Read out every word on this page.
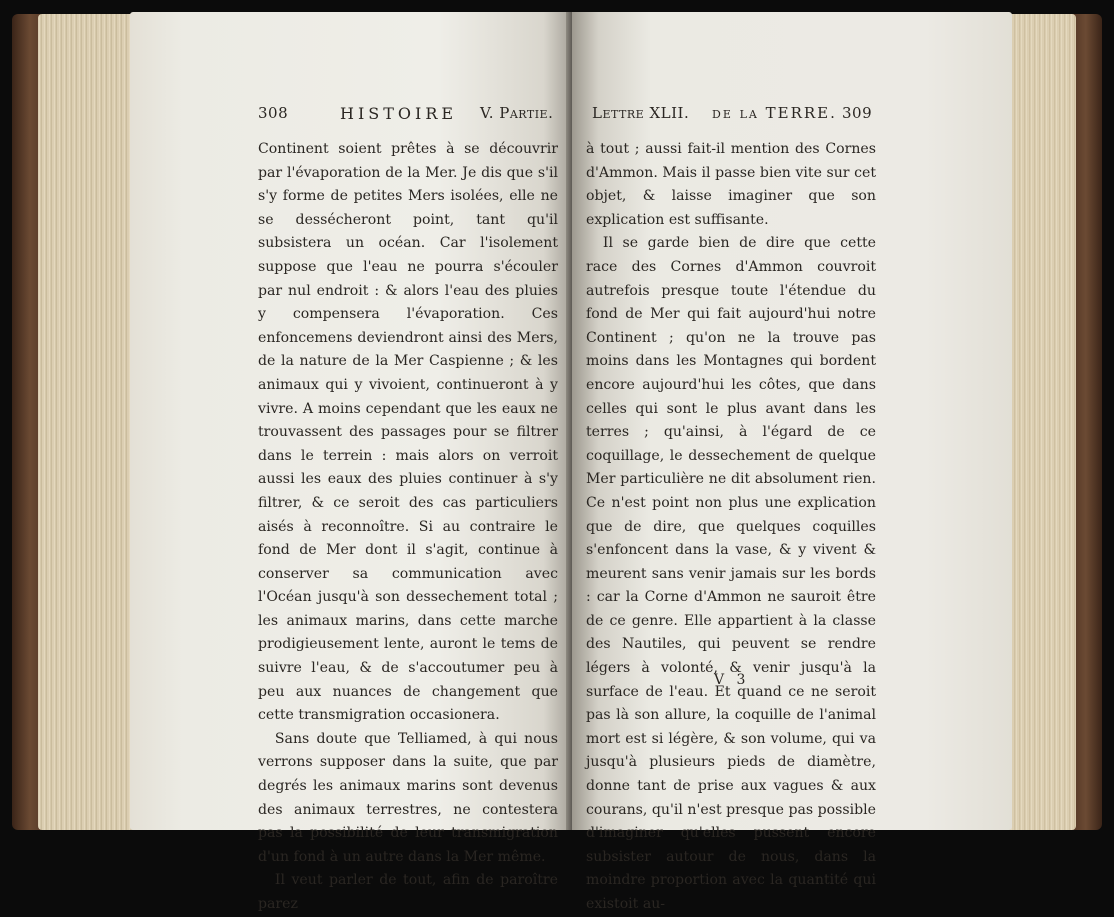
308	HISTOIRE V. Partie.

Continent soient prêtes à se découvrir par l'évaporation de la Mer. Je dis que s'il s'y forme de petites Mers isolées, elle ne se dessécheront point, tant qu'il subsistera un océan. Car l'isolement suppose que l'eau ne pourra s'écouler par nul endroit : & alors l'eau des pluies y compensera l'évaporation. Ces enfoncemens deviendront ainsi des Mers, de la nature de la Mer Caspienne ; & les animaux qui y vivoient, continueront à y vivre. A moins cependant que les eaux ne trouvassent des passages pour se filtrer dans le terrein : mais alors on verroit aussi les eaux des pluies continuer à s'y filtrer, & ce seroit des cas particuliers aisés à reconnoître. Si au contraire le fond de Mer dont il s'agit, continue à conserver sa communication avec l'Océan jusqu'à son dessechement total ; les animaux marins, dans cette marche prodigieusement lente, auront le tems de suivre l'eau, & de s'accoutumer peu à peu aux nuances de changement que cette transmigration occasionera.

Sans doute que Telliamed, à qui nous verrons supposer dans la suite, que par degrés les animaux marins sont devenus des animaux terrestres, ne contestera pas la possibilité de leur transmigration d'un fond à un autre dans la Mer même.

Il veut parler de tout, afin de paroître parez

Lettre XLII. de la TERRE. 309

à tout ; aussi fait-il mention des Cornes d'Ammon. Mais il passe bien vite sur cet objet, & laisse imaginer que son explication est suffisante.

Il se garde bien de dire que cette race des Cornes d'Ammon couvroit autrefois presque toute l'étendue du fond de Mer qui fait aujourd'hui notre Continent ; qu'on ne la trouve pas moins dans les Montagnes qui bordent encore aujourd'hui les côtes, que dans celles qui sont le plus avant dans les terres ; qu'ainsi, à l'égard de ce coquillage, le dessechement de quelque Mer particulière ne dit absolument rien. Ce n'est point non plus une explication que de dire, que quelques coquilles s'enfoncent dans la vase, & y vivent & meurent sans venir jamais sur les bords : car la Corne d'Ammon ne sauroit être de ce genre. Elle appartient à la classe des Nautiles, qui peuvent se rendre légers à volonté, & venir jusqu'à la surface de l'eau. Et quand ce ne seroit pas là son allure, la coquille de l'animal mort est si légère, & son volume, qui va jusqu'à plusieurs pieds de diamètre, donne tant de prise aux vagues & aux courans, qu'il n'est presque pas possible d'imaginer qu'elles pussent encore subsister autour de nous, dans la moindre proportion avec la quantité qui existoit au-

V 3
